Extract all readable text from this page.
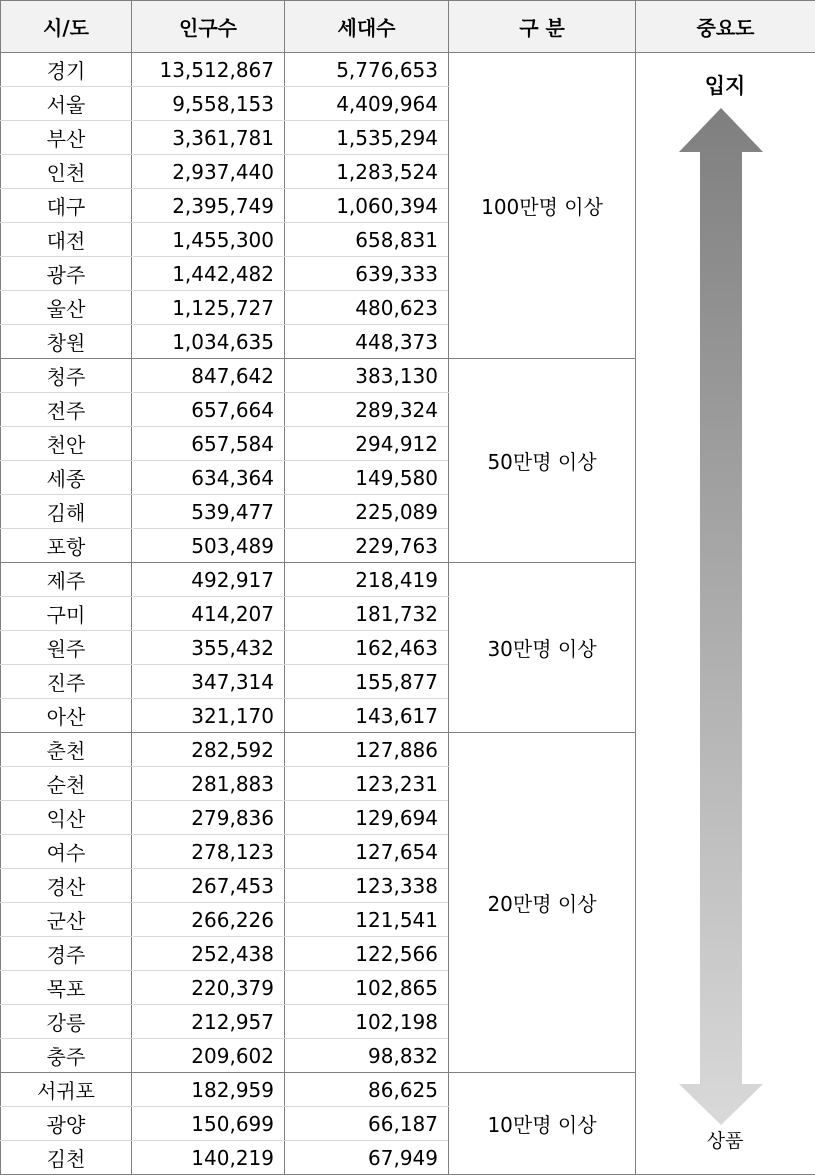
시/도	인구수	세대수	구 분	중요도
경기	13,512,867	5,776,653	100만명 이상	
서울	9,558,153	4,409,964		
부산	3,361,781	1,535,294		
인천	2,937,440	1,283,524		
대구	2,395,749	1,060,394		
대전	1,455,300	658,831		
광주	1,442,482	639,333		
울산	1,125,727	480,623		
창원	1,034,635	448,373		
청주	847,642	383,130	50만명 이상	
전주	657,664	289,324		
천안	657,584	294,912		
세종	634,364	149,580		
김해	539,477	225,089		
포항	503,489	229,763		
제주	492,917	218,419	30만명 이상	
구미	414,207	181,732		
원주	355,432	162,463		
진주	347,314	155,877		
아산	321,170	143,617		
춘천	282,592	127,886	20만명 이상	
순천	281,883	123,231		
익산	279,836	129,694		
여수	278,123	127,654		
경산	267,453	123,338		
군산	266,226	121,541		
경주	252,438	122,566		
목포	220,379	102,865		
강릉	212,957	102,198		
충주	209,602	98,832		
서귀포	182,959	86,625	10만명 이상	
광양	150,699	66,187		
김천	140,219	67,949		
입지
상품
